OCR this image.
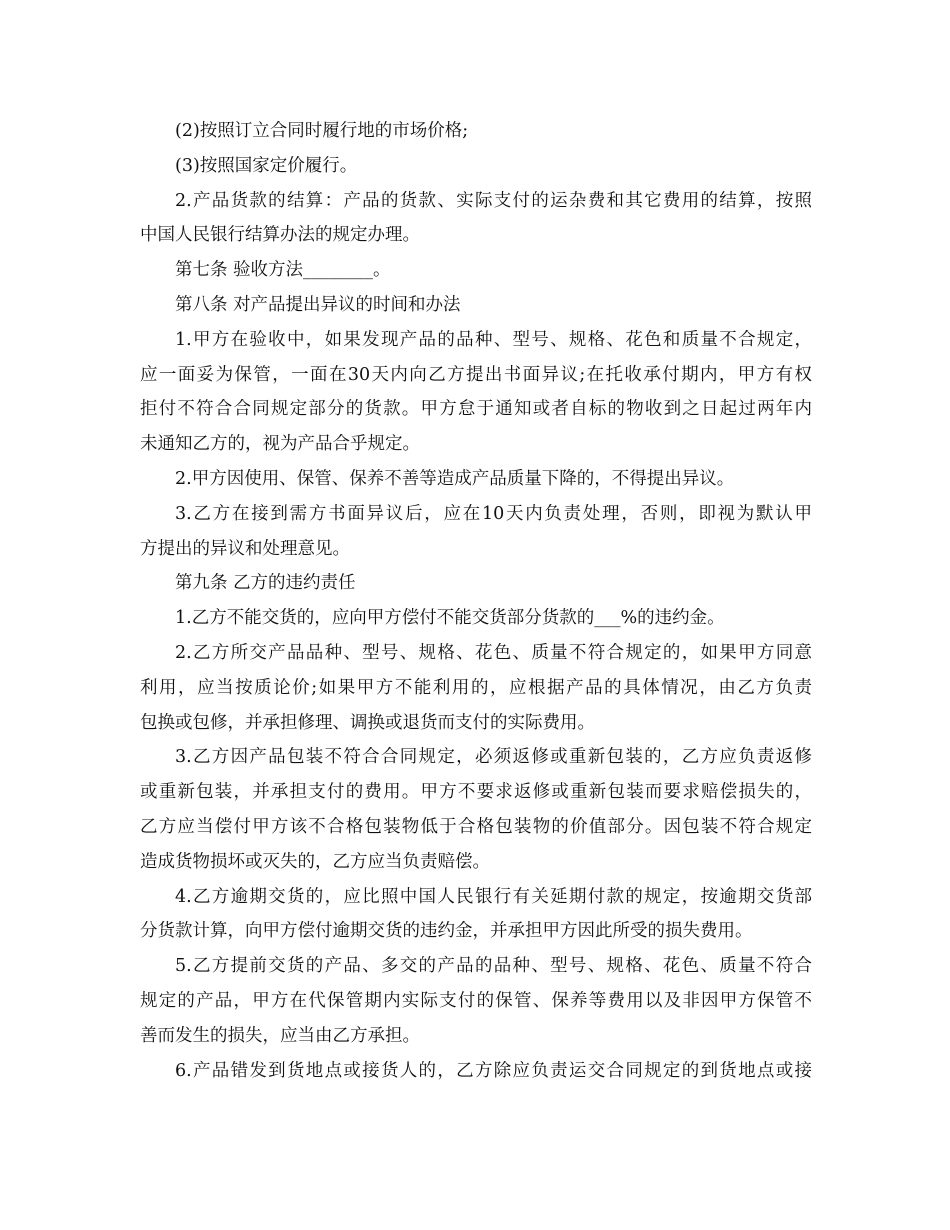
(2)按照订立合同时履行地的市场价格;
(3)按照国家定价履行。
2.产品货款的结算：产品的货款、实际支付的运杂费和其它费用的结算，按照
中国人民银行结算办法的规定办理。
第七条 验收方法________。
第八条 对产品提出异议的时间和办法
1.甲方在验收中，如果发现产品的品种、型号、规格、花色和质量不合规定，
应一面妥为保管，一面在30天内向乙方提出书面异议;在托收承付期内，甲方有权
拒付不符合合同规定部分的货款。甲方怠于通知或者自标的物收到之日起过两年内
未通知乙方的，视为产品合乎规定。
2.甲方因使用、保管、保养不善等造成产品质量下降的，不得提出异议。
3.乙方在接到需方书面异议后，应在10天内负责处理，否则，即视为默认甲
方提出的异议和处理意见。
第九条 乙方的违约责任
1.乙方不能交货的，应向甲方偿付不能交货部分货款的___%的违约金。
2.乙方所交产品品种、型号、规格、花色、质量不符合规定的，如果甲方同意
利用，应当按质论价;如果甲方不能利用的，应根据产品的具体情况，由乙方负责
包换或包修，并承担修理、调换或退货而支付的实际费用。
3.乙方因产品包装不符合合同规定，必须返修或重新包装的，乙方应负责返修
或重新包装，并承担支付的费用。甲方不要求返修或重新包装而要求赔偿损失的，
乙方应当偿付甲方该不合格包装物低于合格包装物的价值部分。因包装不符合规定
造成货物损坏或灭失的，乙方应当负责赔偿。
4.乙方逾期交货的，应比照中国人民银行有关延期付款的规定，按逾期交货部
分货款计算，向甲方偿付逾期交货的违约金，并承担甲方因此所受的损失费用。
5.乙方提前交货的产品、多交的产品的品种、型号、规格、花色、质量不符合
规定的产品，甲方在代保管期内实际支付的保管、保养等费用以及非因甲方保管不
善而发生的损失，应当由乙方承担。
6.产品错发到货地点或接货人的，乙方除应负责运交合同规定的到货地点或接
